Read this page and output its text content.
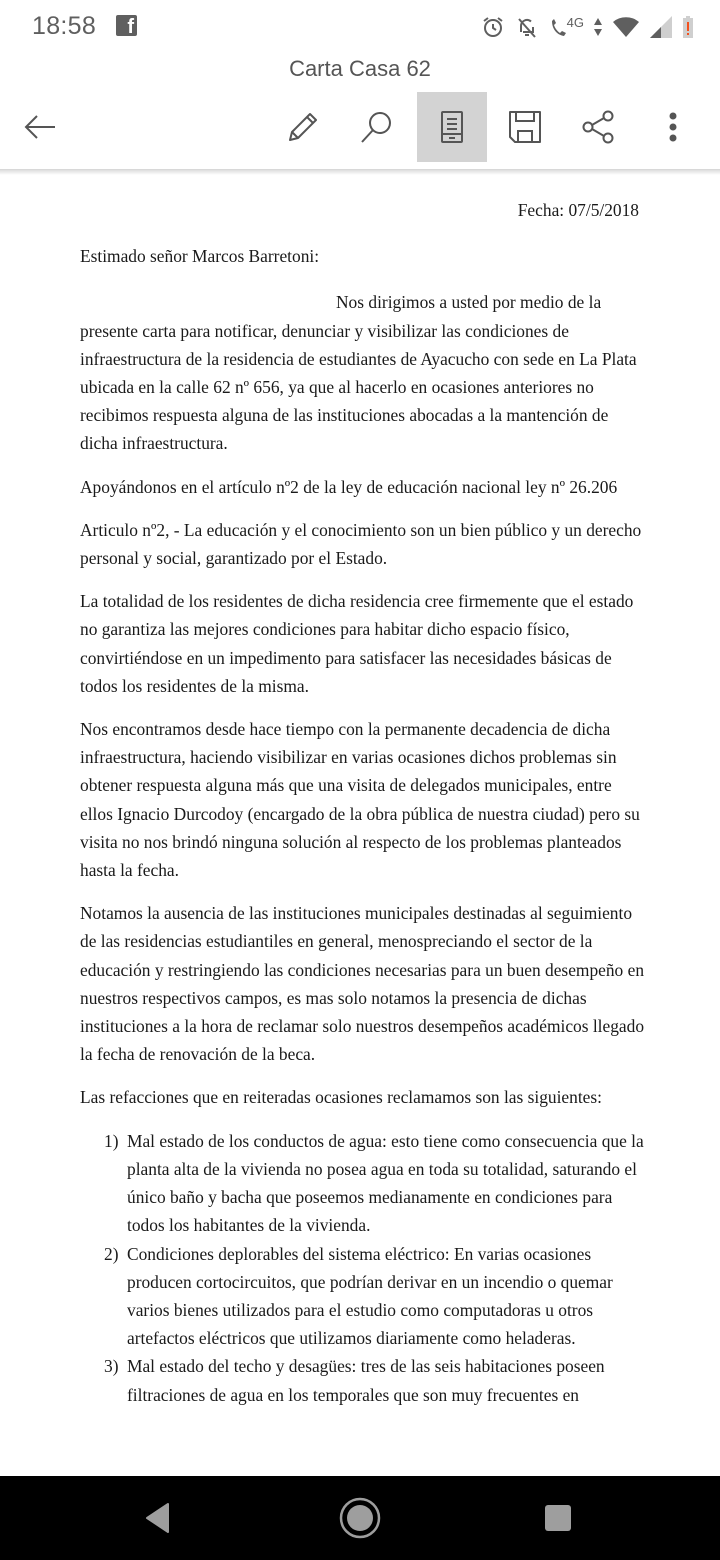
18:58 f	4G
Carta Casa 62

Fecha: 07/5/2018

Estimado señor Marcos Barretoni:

Nos dirigimos a usted por medio de la presente carta para notificar, denunciar y visibilizar las condiciones de infraestructura de la residencia de estudiantes de Ayacucho con sede en La Plata ubicada en la calle 62 nº 656, ya que al hacerlo en ocasiones anteriores no recibimos respuesta alguna de las instituciones abocadas a la mantención de dicha infraestructura.

Apoyándonos en el artículo nº2 de la ley de educación nacional ley nº 26.206

Articulo nº2, - La educación y el conocimiento son un bien público y un derecho personal y social, garantizado por el Estado.

La totalidad de los residentes de dicha residencia cree firmemente que el estado no garantiza las mejores condiciones para habitar dicho espacio físico, convirtiéndose en un impedimento para satisfacer las necesidades básicas de todos los residentes de la misma.

Nos encontramos desde hace tiempo con la permanente decadencia de dicha infraestructura, haciendo visibilizar en varias ocasiones dichos problemas sin obtener respuesta alguna más que una visita de delegados municipales, entre ellos Ignacio Durcodoy (encargado de la obra pública de nuestra ciudad) pero su visita no nos brindó ninguna solución al respecto de los problemas planteados hasta la fecha.

Notamos la ausencia de las instituciones municipales destinadas al seguimiento de las residencias estudiantiles en general, menospreciando el sector de la educación y restringiendo las condiciones necesarias para un buen desempeño en nuestros respectivos campos, es mas solo notamos la presencia de dichas instituciones a la hora de reclamar solo nuestros desempeños académicos llegado la fecha de renovación de la beca.

Las refacciones que en reiteradas ocasiones reclamamos son las siguientes:

1) Mal estado de los conductos de agua: esto tiene como consecuencia que la planta alta de la vivienda no posea agua en toda su totalidad, saturando el único baño y bacha que poseemos medianamente en condiciones para todos los habitantes de la vivienda.
2) Condiciones deplorables del sistema eléctrico: En varias ocasiones producen cortocircuitos, que podrían derivar en un incendio o quemar varios bienes utilizados para el estudio como computadoras u otros artefactos eléctricos que utilizamos diariamente como heladeras.
3) Mal estado del techo y desagües: tres de las seis habitaciones poseen filtraciones de agua en los temporales que son muy frecuentes en
